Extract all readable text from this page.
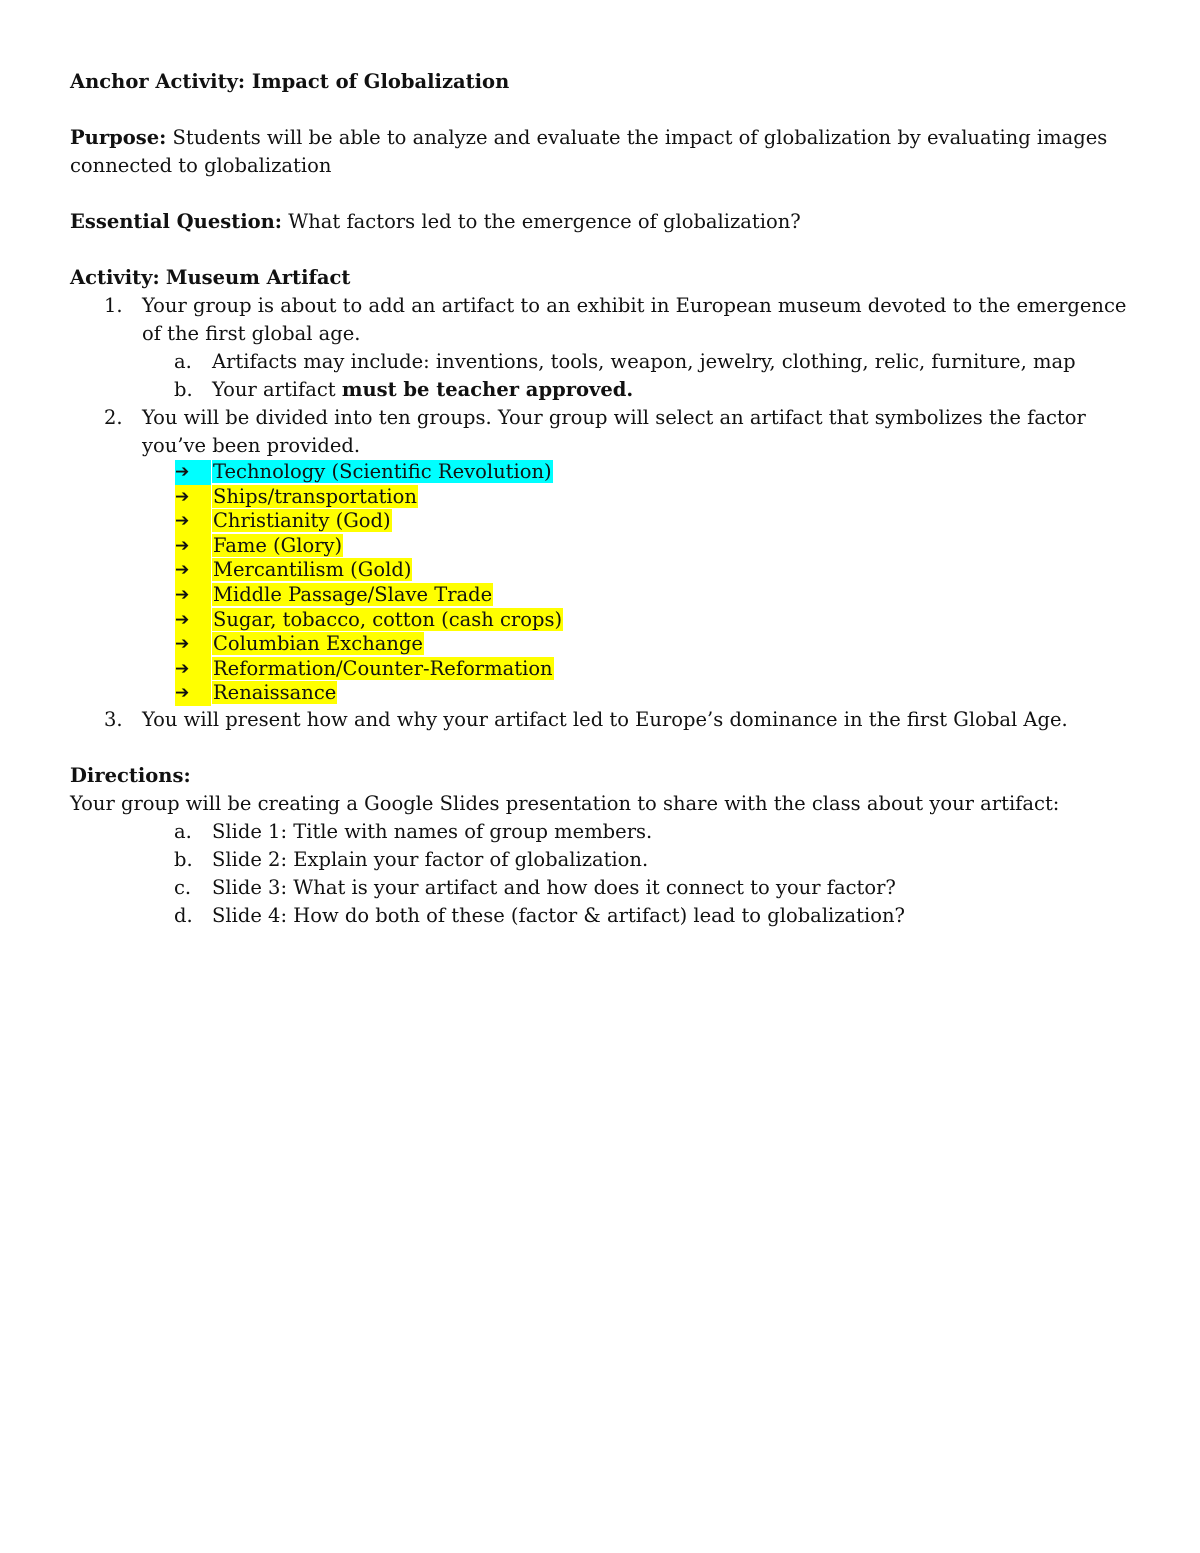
Anchor Activity: Impact of Globalization

Purpose: Students will be able to analyze and evaluate the impact of globalization by evaluating images connected to globalization

Essential Question: What factors led to the emergence of globalization?

Activity: Museum Artifact

1. Your group is about to add an artifact to an exhibit in European museum devoted to the emergence of the first global age.
a.	Artifacts may include: inventions, tools, weapon, jewelry, clothing, relic, furniture, map
b. Your artifact must be teacher approved.
2. You will be divided into ten groups. Your group will select an artifact that symbolizes the factor you’ve been provided.
➔	Technology (Scientific Revolution)
➔	Ships/transportation
➔	Christianity (God)
➔	Fame (Glory)
➔	Mercantilism (Gold)
➔	Middle Passage/Slave Trade
➔	Sugar, tobacco, cotton (cash crops)
➔	Columbian Exchange
➔	Reformation/Counter-Reformation
➔	Renaissance
3. You will present how and why your artifact led to Europe’s dominance in the first Global Age.

Directions:

Your group will be creating a Google Slides presentation to share with the class about your artifact:

a.	Slide 1: Title with names of group members.
b. Slide 2: Explain your factor of globalization.
c.	Slide 3: What is your artifact and how does it connect to your factor?
d. Slide 4: How do both of these (factor & artifact) lead to globalization?
